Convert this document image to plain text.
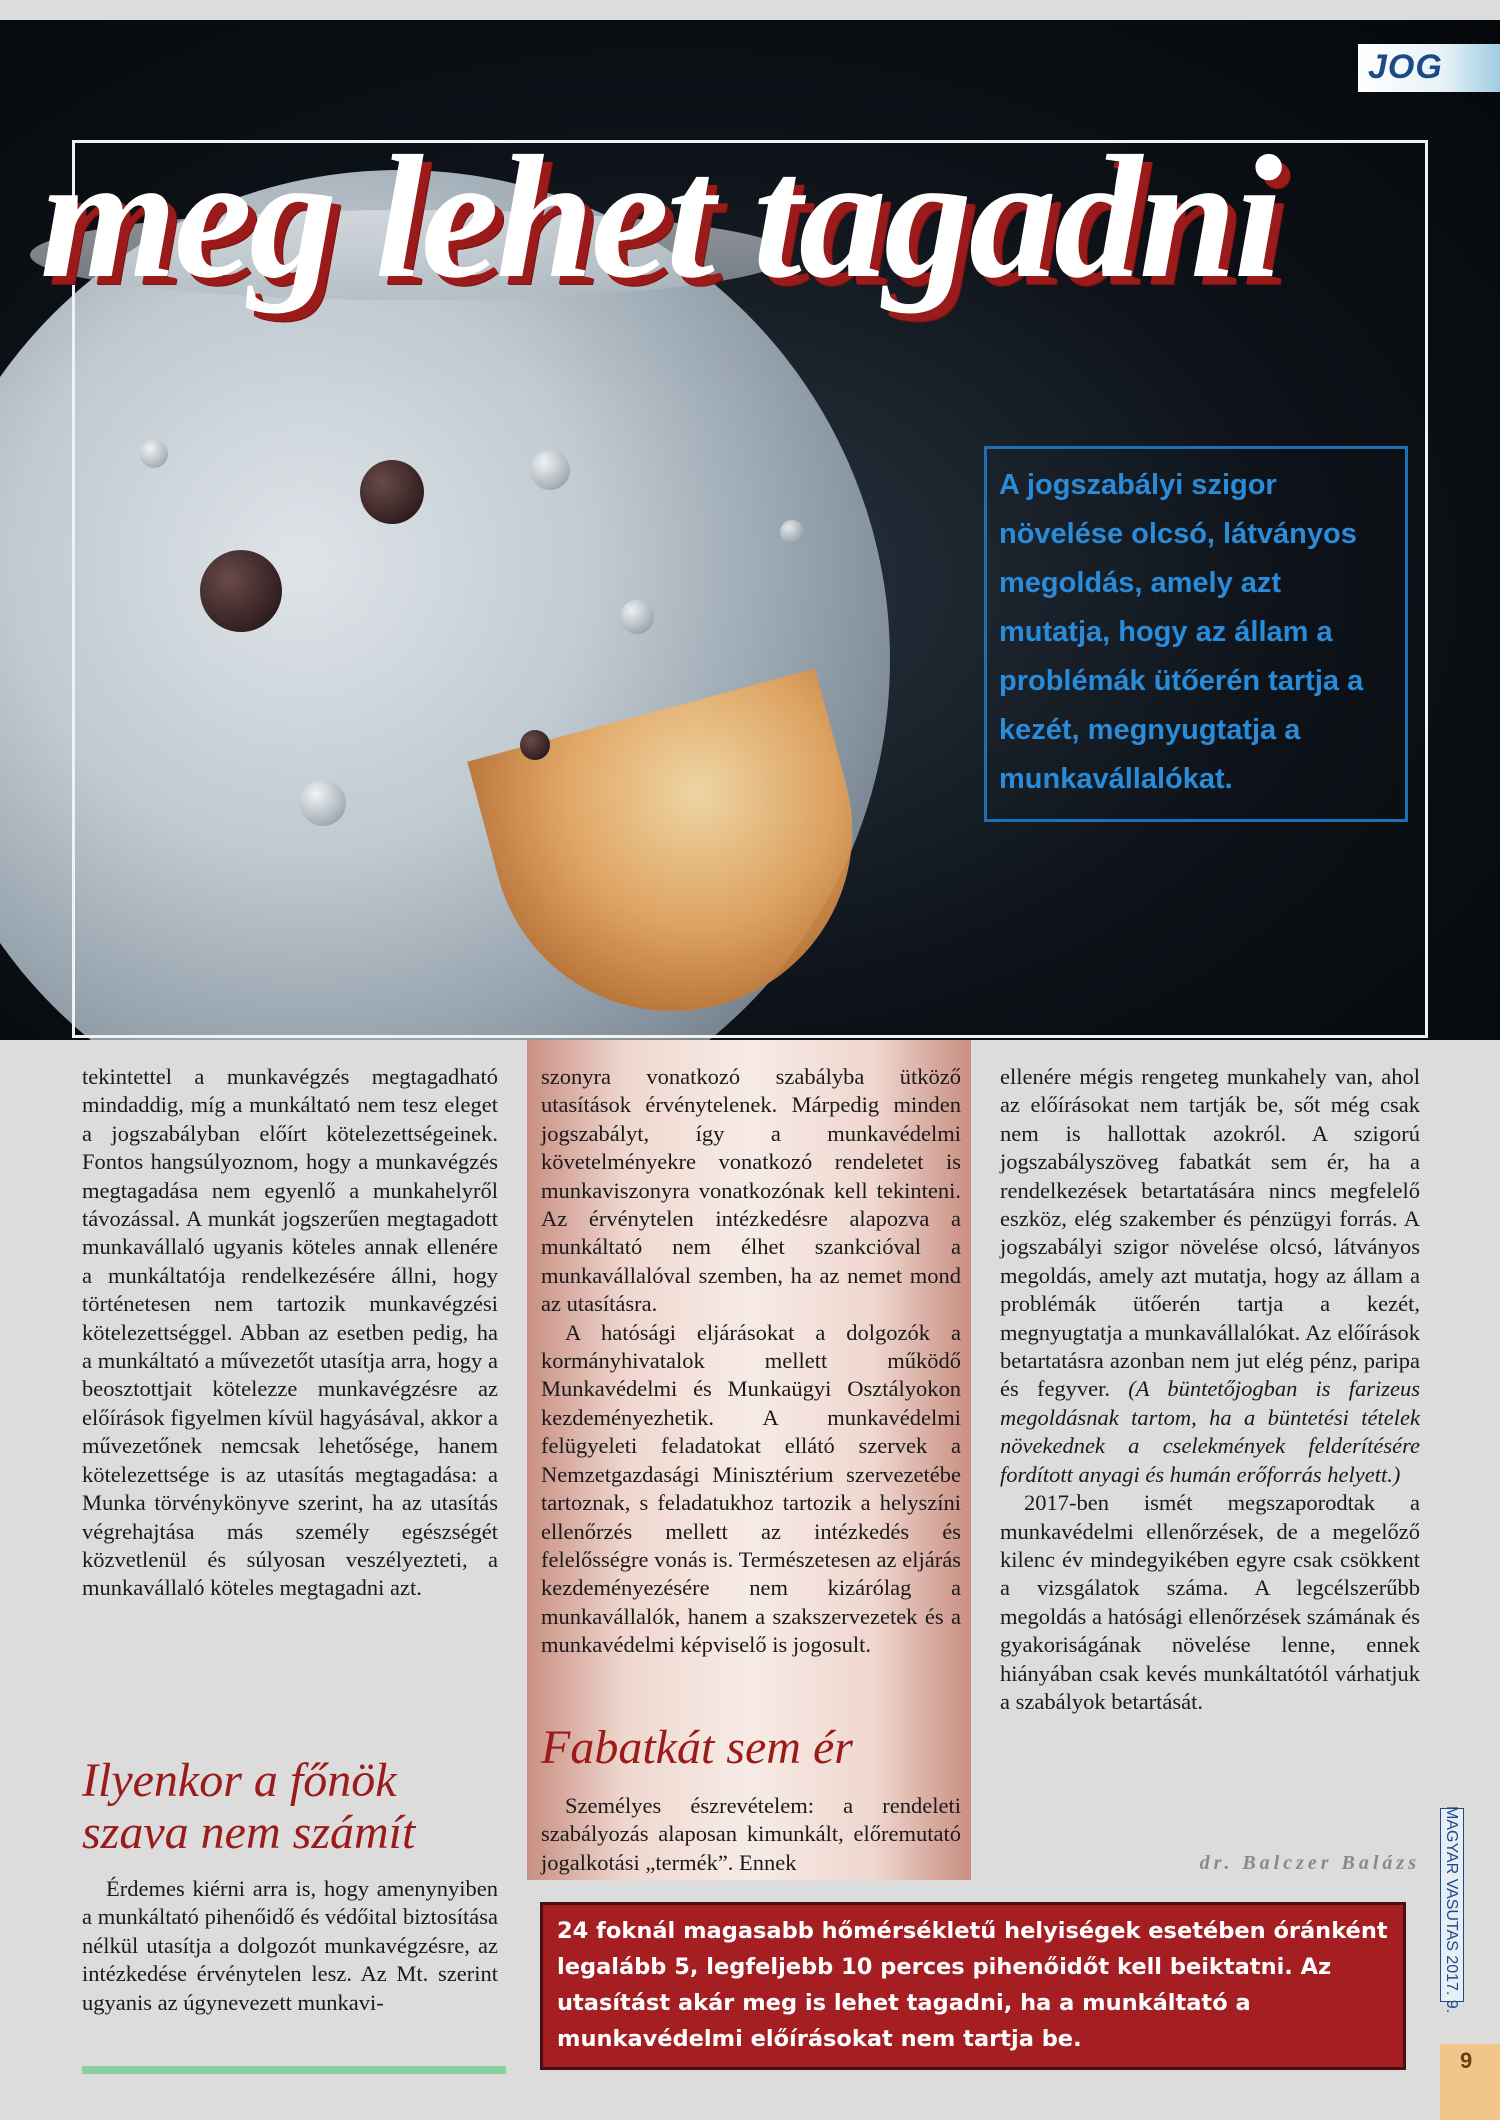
JOG
meg lehet tagadni

A jogszabályi szigor növelése olcsó, látványos megoldás, amely azt mutatja, hogy az állam a problémák ütőerén tartja a kezét, megnyugtatja a munkavállalókat.

tekintettel a munkavégzés megtagadható mindaddig, míg a munkáltató nem tesz eleget a jogszabályban előírt kötelezettségeinek. Fontos hangsúlyoznom, hogy a munkavégzés megtagadása nem egyenlő a munkahelyről távozással. A munkát jogszerűen megtagadott munkavállaló ugyanis köteles annak ellenére a munkáltatója rendelkezésére állni, hogy történetesen nem tartozik munkavégzési kötelezettséggel. Abban az esetben pedig, ha a munkáltató a művezetőt utasítja arra, hogy a beosztottjait kötelezze munkavégzésre az előírások figyelmen kívül hagyásával, akkor a művezetőnek nemcsak lehetősége, hanem kötelezettsége is az utasítás megtagadása: a Munka törvénykönyve szerint, ha az utasítás végrehajtása más személy egészségét közvetlenül és súlyosan veszélyezteti, a munkavállaló köteles megtagadni azt.

Ilyenkor a főnök szava nem számít

Érdemes kiérni arra is, hogy amenynyiben a munkáltató pihenőidő és védőital biztosítása nélkül utasítja a dolgozót munkavégzésre, az intézkedése érvénytelen lesz. Az Mt. szerint ugyanis az úgynevezett munkavi-

szonyra vonatkozó szabályba ütköző utasítások érvénytelenek. Márpedig minden jogszabályt, így a munkavédelmi követelményekre vonatkozó rendeletet is munkaviszonyra vonatkozónak kell tekinteni. Az érvénytelen intézkedésre alapozva a munkáltató nem élhet szankcióval a munkavállalóval szemben, ha az nemet mond az utasításra.

A hatósági eljárásokat a dolgozók a kormányhivatalok mellett működő Munkavédelmi és Munkaügyi Osztályokon kezdeményezhetik. A munkavédelmi felügyeleti feladatokat ellátó szervek a Nemzetgazdasági Minisztérium szervezetébe tartoznak, s feladatukhoz tartozik a helyszíni ellenőrzés mellett az intézkedés és felelősségre vonás is. Természetesen az eljárás kezdeményezésére nem kizárólag a munkavállalók, hanem a szakszervezetek és a munkavédelmi képviselő is jogosult.

Fabatkát sem ér

Személyes észrevételem: a rendeleti szabályozás alaposan kimunkált, előremutató jogalkotási „termék”. Ennek

ellenére mégis rengeteg munkahely van, ahol az előírásokat nem tartják be, sőt még csak nem is hallottak azokról. A szigorú jogszabályszöveg fabatkát sem ér, ha a rendelkezések betartatására nincs megfelelő eszköz, elég szakember és pénzügyi forrás. A jogszabályi szigor növelése olcsó, látványos megoldás, amely azt mutatja, hogy az állam a problémák ütőerén tartja a kezét, megnyugtatja a munkavállalókat. Az előírások betartatásra azonban nem jut elég pénz, paripa és fegyver. (A büntetőjogban is farizeus megoldásnak tartom, ha a büntetési tételek növekednek a cselekmények felderítésére fordított anyagi és humán erőforrás helyett.)

2017-ben ismét megszaporodtak a munkavédelmi ellenőrzések, de a megelőző kilenc év mindegyikében egyre csak csökkent a vizsgálatok száma. A legcélszerűbb megoldás a hatósági ellenőrzések számának és gyakoriságának növelése lenne, ennek hiányában csak kevés munkáltatótól várhatjuk a szabályok betartását.

dr. Balczer Balázs

24 foknál magasabb hőmérsékletű helyiségek esetében óránként legalább 5, legfeljebb 10 perces pihenőidőt kell beiktatni. Az utasítást akár meg is lehet tagadni, ha a munkáltató a munkavédelmi előírásokat nem tartja be.

MAGYAR VASUTAS 2017. 9.
9
